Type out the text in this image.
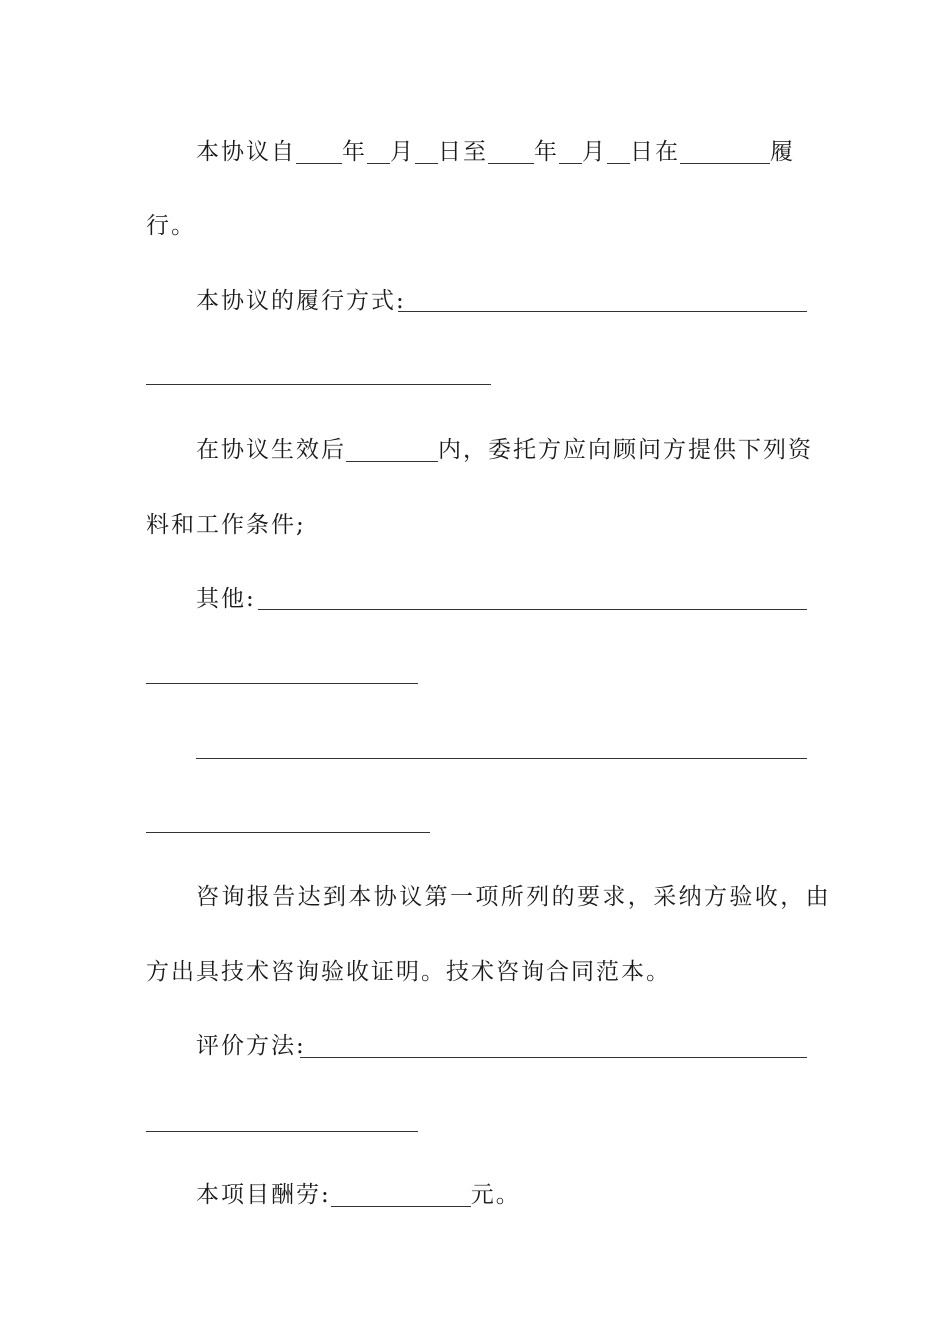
本协议自 年 月 日至 年 月 日在	履
行。
本协议的履行方式:
在协议生效后	内，委托方应向顾问方提供下列资
料和工作条件;
其他:
咨询报告达到本协议第一项所列的要求，采纳方验收，由
方出具技术咨询验收证明。技术咨询合同范本。
评价方法:
本项目酬劳:	元。
